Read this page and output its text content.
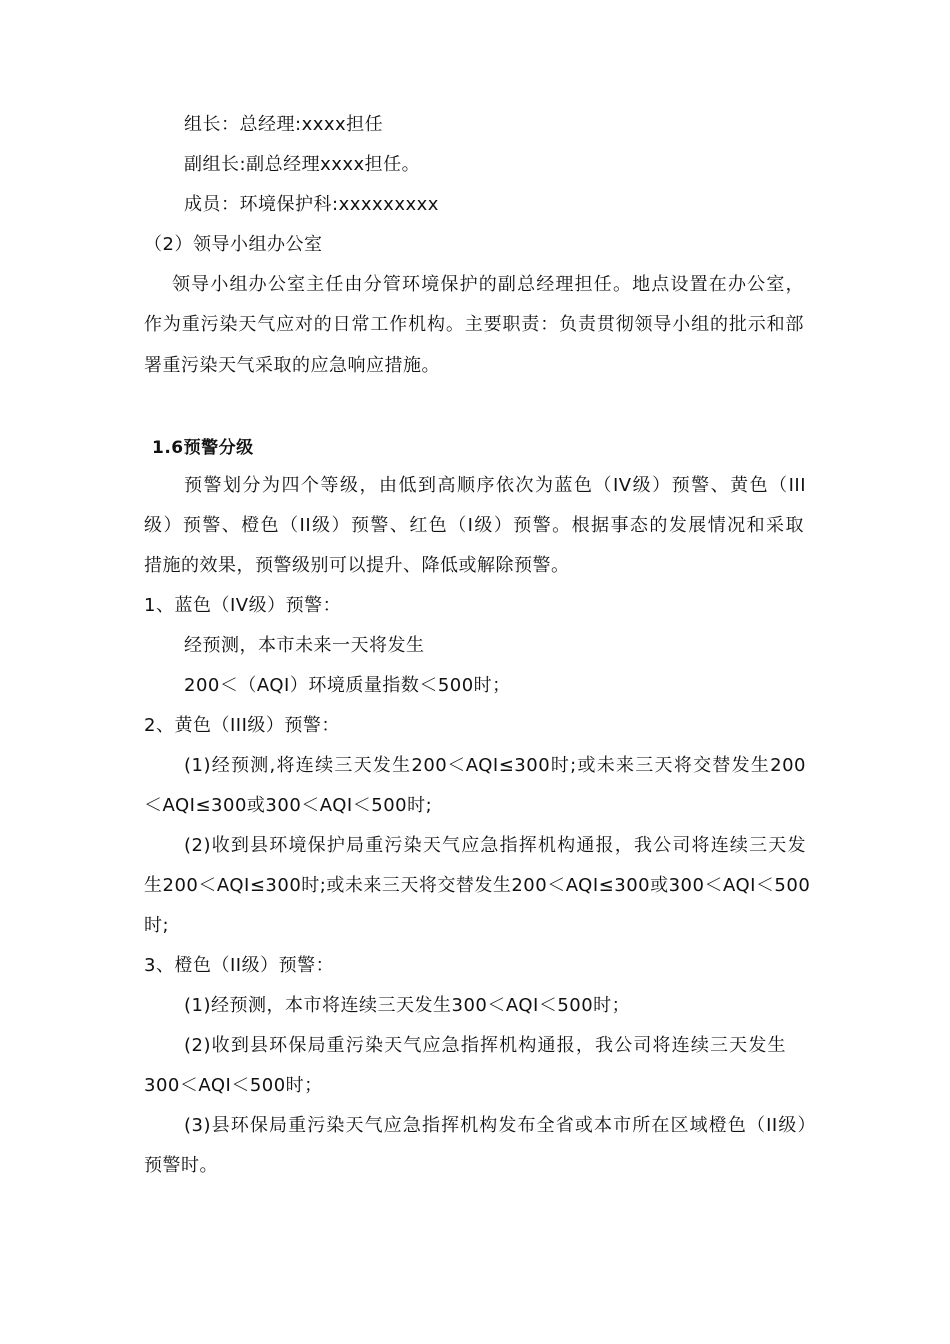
组长：总经理:xxxx担任
副组长:副总经理xxxx担任。
成员：环境保护科:xxxxxxxxx
（2）领导小组办公室
领导小组办公室主任由分管环境保护的副总经理担任。地点设置在办公室，
作为重污染天气应对的日常工作机构。主要职责：负责贯彻领导小组的批示和部
署重污染天气采取的应急响应措施。
1.6预警分级
预警划分为四个等级，由低到高顺序依次为蓝色（IV级）预警、黄色（III
级）预警、橙色（II级）预警、红色（I级）预警。根据事态的发展情况和采取
措施的效果，预警级别可以提升、降低或解除预警。
1、蓝色（IV级）预警：
经预测，本市未来一天将发生
200＜（AQI）环境质量指数＜500时；
2、黄色（III级）预警：
(1)经预测,将连续三天发生200＜AQI≤300时;或未来三天将交替发生200
＜AQI≤300或300＜AQI＜500时;
(2)收到县环境保护局重污染天气应急指挥机构通报，我公司将连续三天发
生200＜AQI≤300时;或未来三天将交替发生200＜AQI≤300或300＜AQI＜500
时;
3、橙色（II级）预警：
(1)经预测，本市将连续三天发生300＜AQI＜500时；
(2)收到县环保局重污染天气应急指挥机构通报，我公司将连续三天发生
300＜AQI＜500时；
(3)县环保局重污染天气应急指挥机构发布全省或本市所在区域橙色（II级）
预警时。
